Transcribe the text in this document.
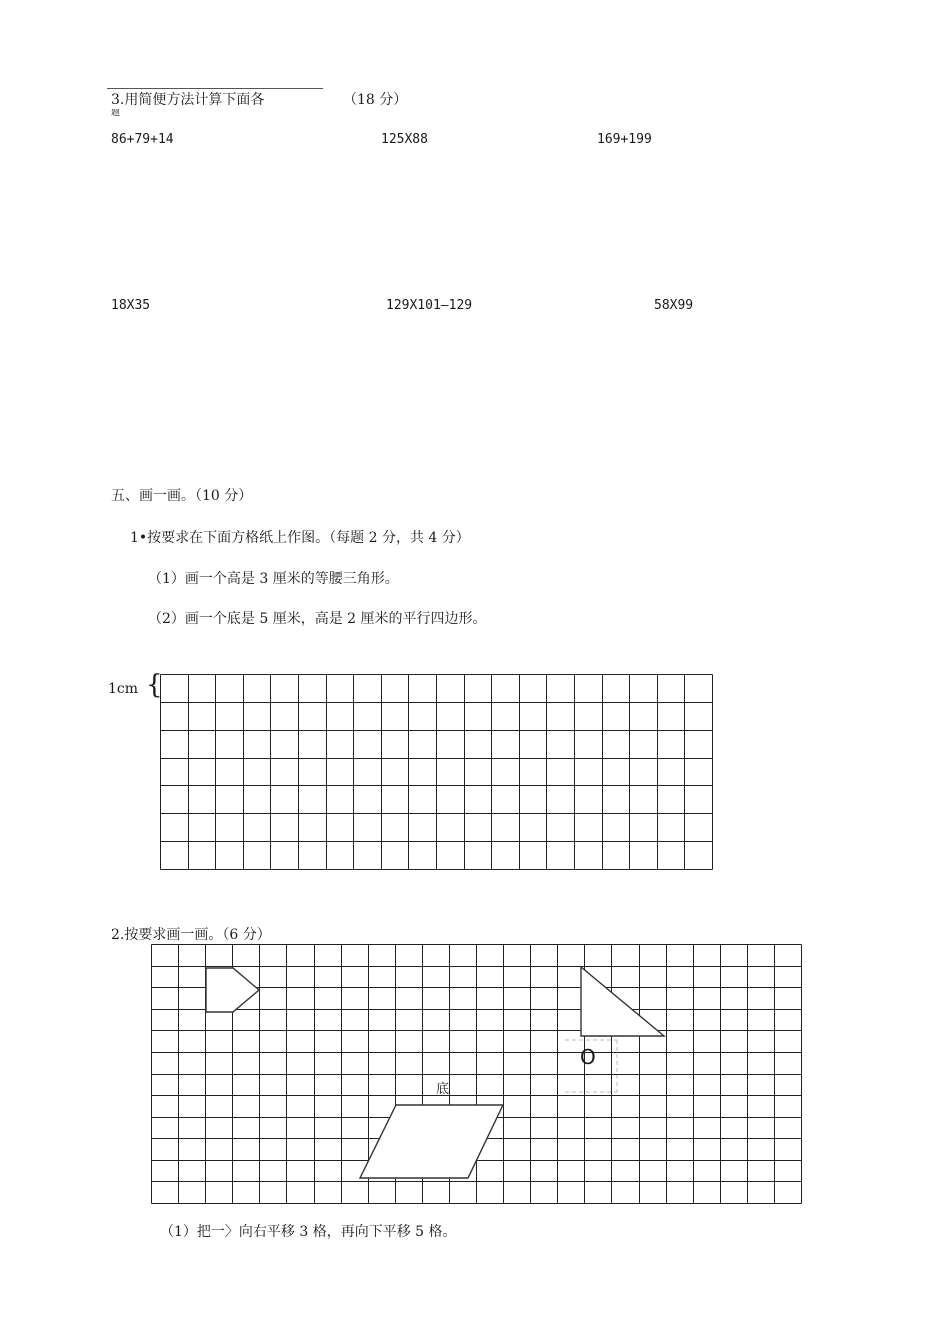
3.用简便方法计算下面各
题
（18 分）
86+79+14	125X88	169+199
18X35	129X101—129	58X99
五、画一画。（10 分）
1•按要求在下面方格纸上作图。（每题 2 分，共 4 分）
（1）画一个高是 3 厘米的等腰三角形。
（2）画一个底是 5 厘米，高是 2 厘米的平行四边形。
1cm {
2.按要求画一画。（6 分）
底
O
（1）把一〉向右平移 3 格，再向下平移 5 格。
